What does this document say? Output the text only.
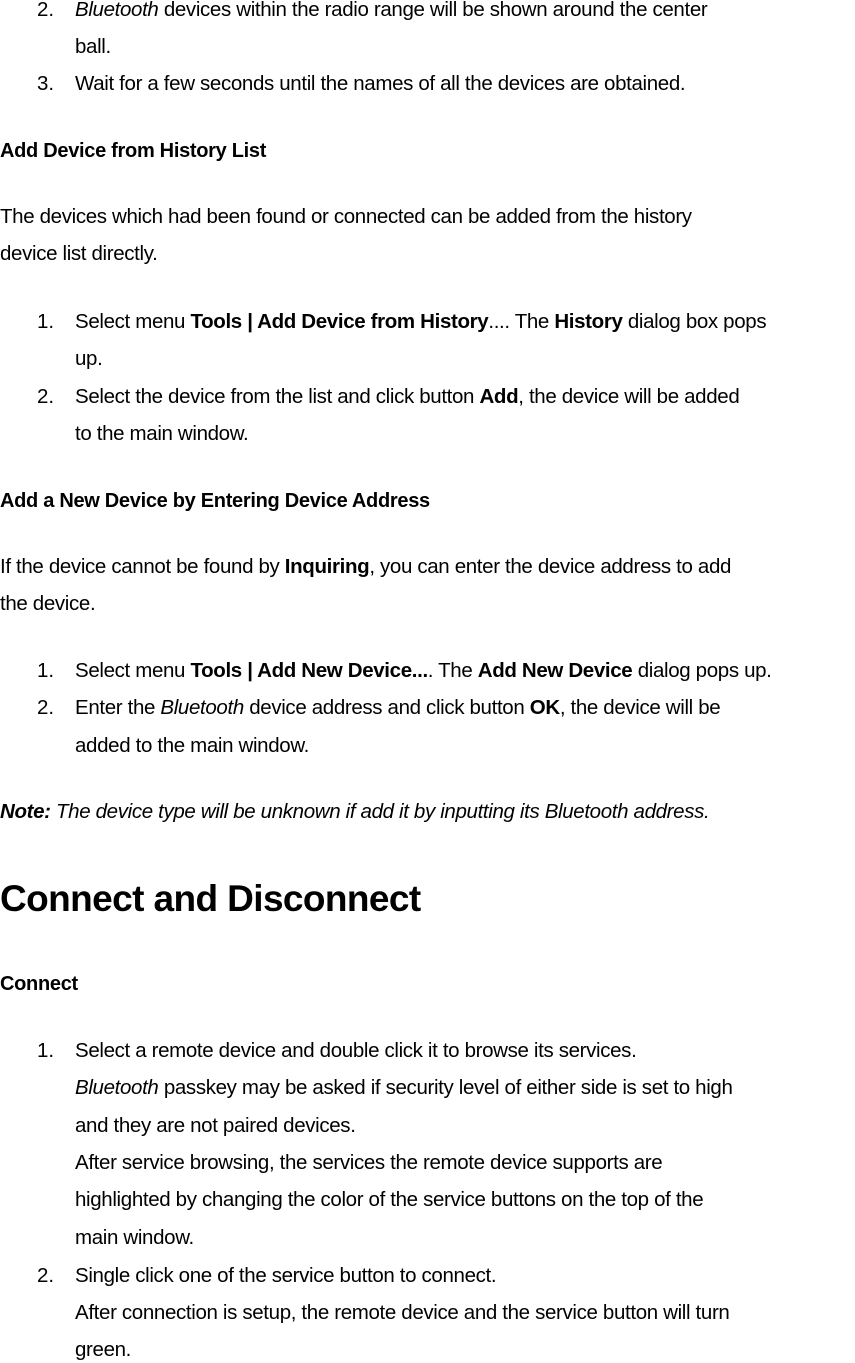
2. Bluetooth devices within the radio range will be shown around the center
ball.
3. Wait for a few seconds until the names of all the devices are obtained.
Add Device from History List
The devices which had been found or connected can be added from the history
device list directly.
1. Select menu Tools | Add Device from History.... The History dialog box pops
up.
2. Select the device from the list and click button Add, the device will be added
to the main window.
Add a New Device by Entering Device Address
If the device cannot be found by Inquiring, you can enter the device address to add
the device.
1. Select menu Tools | Add New Device.... The Add New Device dialog pops up.
2. Enter the Bluetooth device address and click button OK, the device will be
added to the main window.
Note: The device type will be unknown if add it by inputting its Bluetooth address.
Connect and Disconnect
Connect
1. Select a remote device and double click it to browse its services.
Bluetooth passkey may be asked if security level of either side is set to high
and they are not paired devices.
After service browsing, the services the remote device supports are
highlighted by changing the color of the service buttons on the top of the
main window.
2. Single click one of the service button to connect.
After connection is setup, the remote device and the service button will turn
green.
